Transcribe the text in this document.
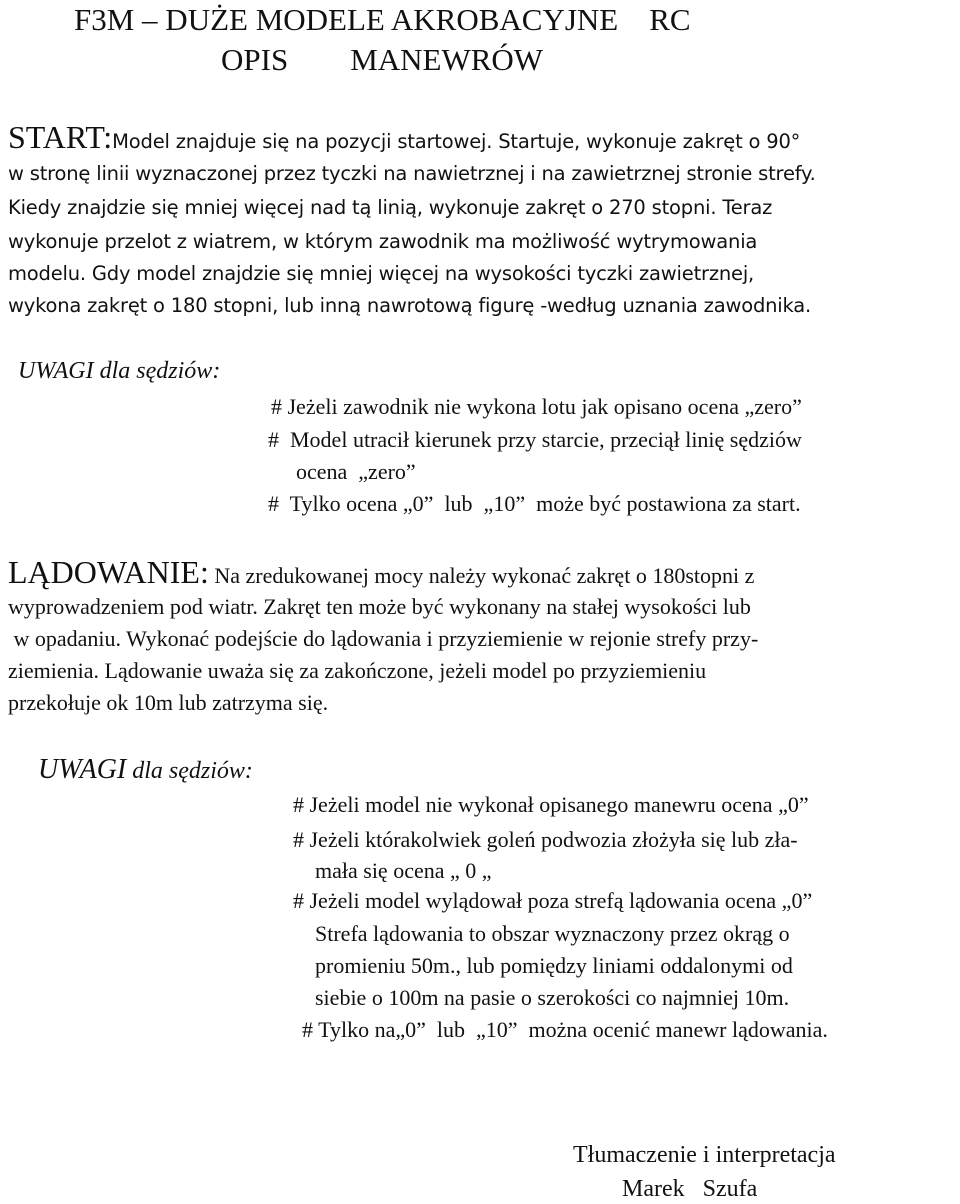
F3M – DUŻE MODELE AKROBACYJNE    RC
OPIS        MANEWRÓW
START:Model znajduje się na pozycji startowej. Startuje, wykonuje zakręt o 90°
w stronę linii wyznaczonej przez tyczki na nawietrznej i na zawietrznej stronie strefy.
Kiedy znajdzie się mniej więcej nad tą linią, wykonuje zakręt o 270 stopni. Teraz
wykonuje przelot z wiatrem, w którym zawodnik ma możliwość wytrymowania
modelu. Gdy model znajdzie się mniej więcej na wysokości tyczki zawietrznej,
wykona zakręt o 180 stopni, lub inną nawrotową figurę -według uznania zawodnika.
UWAGI dla sędziów:
# Jeżeli zawodnik nie wykona lotu jak opisano ocena „zero”
#  Model utracił kierunek przy starcie, przeciął linię sędziów
ocena  „zero”
#  Tylko ocena „0”  lub  „10”  może być postawiona za start.
LĄDOWANIE: Na zredukowanej mocy należy wykonać zakręt o 180stopni z
wyprowadzeniem pod wiatr. Zakręt ten może być wykonany na stałej wysokości lub
w opadaniu. Wykonać podejście do lądowania i przyziemienie w rejonie strefy przy-
ziemienia. Lądowanie uważa się za zakończone, jeżeli model po przyziemieniu
przekołuje ok 10m lub zatrzyma się.
UWAGI dla sędziów:
# Jeżeli model nie wykonał opisanego manewru ocena „0”
# Jeżeli którakolwiek goleń podwozia złożyła się lub zła-
mała się ocena „ 0 „
# Jeżeli model wylądował poza strefą lądowania ocena „0”
Strefa lądowania to obszar wyznaczony przez okrąg o
promieniu 50m., lub pomiędzy liniami oddalonymi od
siebie o 100m na pasie o szerokości co najmniej 10m.
# Tylko na„0”  lub  „10”  można ocenić manewr lądowania.
Tłumaczenie i interpretacja
Marek   Szufa
